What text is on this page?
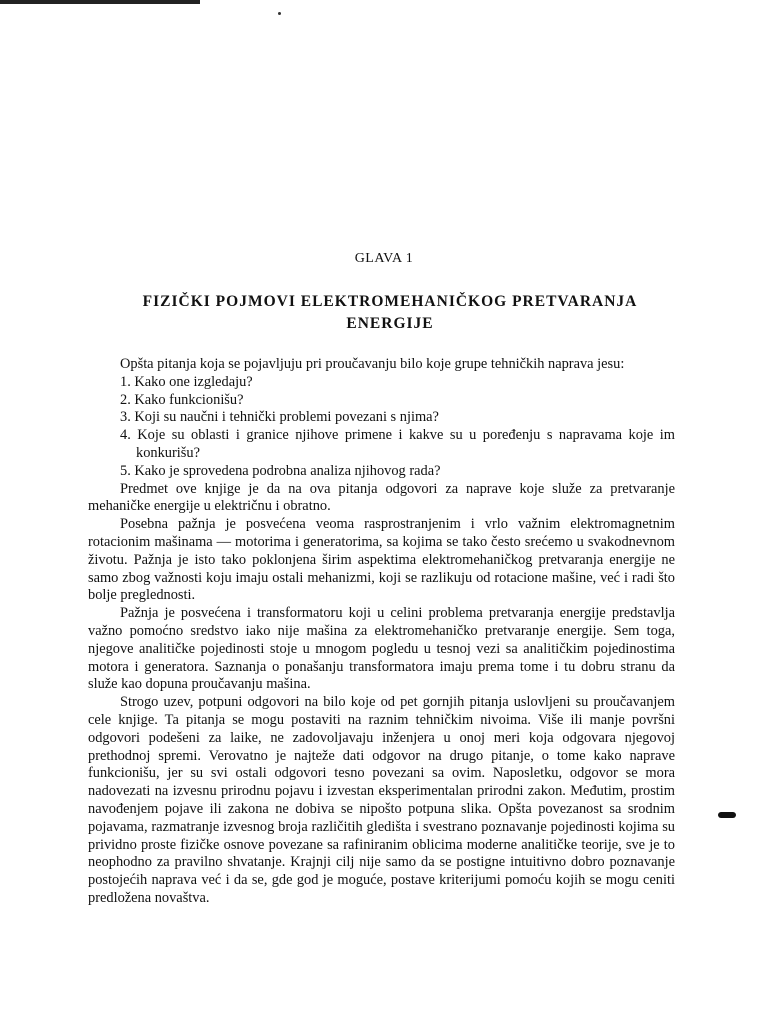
GLAVA 1
FIZIČKI POJMOVI ELEKTROMEHANIČKOG PRETVARANJA ENERGIJE

Opšta pitanja koja se pojavljuju pri proučavanju bilo koje grupe tehničkih naprava jesu:

1. Kako one izgledaju?
2. Kako funkcionišu?
3. Koji su naučni i tehnički problemi povezani s njima?
4. Koje su oblasti i granice njihove primene i kakve su u poređenju s napravama koje im konkurišu?
5. Kako je sprovedena podrobna analiza njihovog rada?

Predmet ove knjige je da na ova pitanja odgovori za naprave koje služe za pretvaranje mehaničke energije u električnu i obratno.

Posebna pažnja je posvećena veoma rasprostranjenim i vrlo važnim elektromagnetnim rotacionim mašinama — motorima i generatorima, sa kojima se tako često srećemo u svakodnevnom životu. Pažnja je isto tako poklonjena širim aspektima elektromehaničkog pretvaranja energije ne samo zbog važnosti koju imaju ostali mehanizmi, koji se razlikuju od rotacione mašine, već i radi što bolje preglednosti.

Pažnja je posvećena i transformatoru koji u celini problema pretvaranja energije predstavlja važno pomoćno sredstvo iako nije mašina za elektromehaničko pretvaranje energije. Sem toga, njegove analitičke pojedinosti stoje u mnogom pogledu u tesnoj vezi sa analitičkim pojedinostima motora i generatora. Saznanja o ponašanju transformatora imaju prema tome i tu dobru stranu da služe kao dopuna proučavanju mašina.

Strogo uzev, potpuni odgovori na bilo koje od pet gornjih pitanja uslovljeni su proučavanjem cele knjige. Ta pitanja se mogu postaviti na raznim tehničkim nivoima. Više ili manje površni odgovori podešeni za laike, ne zadovoljavaju inženjera u onoj meri koja odgovara njegovoj prethodnoj spremi. Verovatno je najteže dati odgovor na drugo pitanje, o tome kako naprave funkcionišu, jer su svi ostali odgovori tesno povezani sa ovim. Naposletku, odgovor se mora nadovezati na izvesnu prirodnu pojavu i izvestan eksperimentalan prirodni zakon. Međutim, prostim navođenjem pojave ili zakona ne dobiva se nipošto potpuna slika. Opšta povezanost sa srodnim pojavama, razmatranje izvesnog broja različitih gledišta i svestrano poznavanje pojedinosti kojima su prividno proste fizičke osnove povezane sa rafiniranim oblicima moderne analitičke teorije, sve je to neophodno za pravilno shvatanje. Krajnji cilj nije samo da se postigne intuitivno dobro poznavanje postojećih naprava već i da se, gde god je moguće, postave kriterijumi pomoću kojih se mogu ceniti predložena novaštva.
